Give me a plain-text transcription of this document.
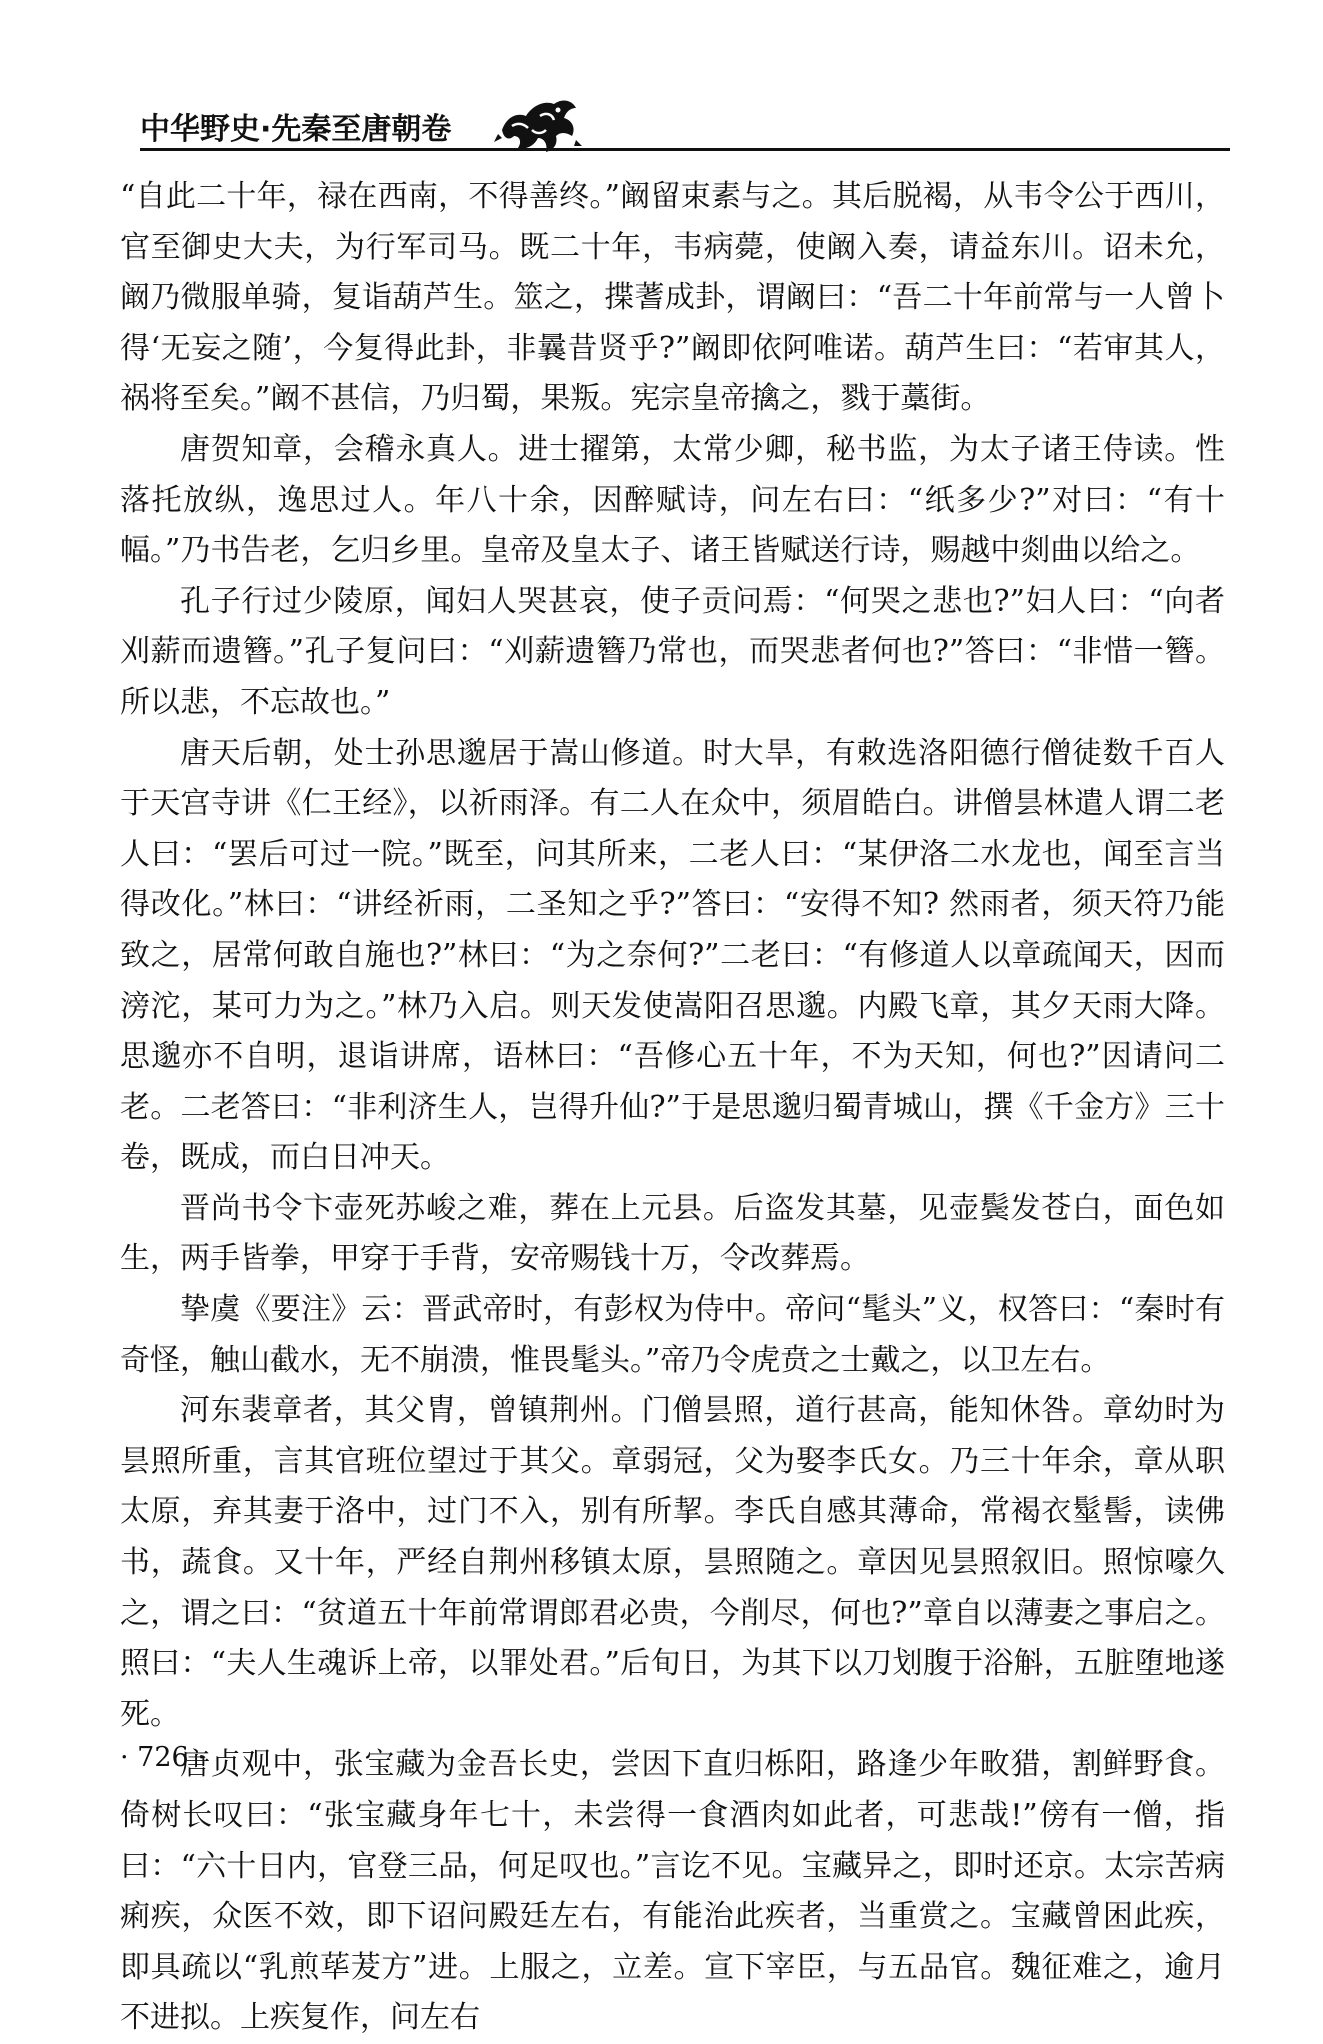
中华野史·先秦至唐朝卷

“自此二十年，禄在西南，不得善终。”阚留束素与之。其后脱褐，从韦令公于西川，官至御史大夫，为行军司马。既二十年，韦病薨，使阚入奏，请益东川。诏未允，阚乃微服单骑，复诣葫芦生。筮之，揲蓍成卦，谓阚曰：“吾二十年前常与一人曾卜得‘无妄之随’，今复得此卦，非曩昔贤乎?”阚即依阿唯诺。葫芦生曰：“若审其人，祸将至矣。”阚不甚信，乃归蜀，果叛。宪宗皇帝擒之，戮于藁街。

唐贺知章，会稽永真人。进士擢第，太常少卿，秘书监，为太子诸王侍读。性落托放纵，逸思过人。年八十余，因醉赋诗，问左右曰：“纸多少?”对曰：“有十幅。”乃书告老，乞归乡里。皇帝及皇太子、诸王皆赋送行诗，赐越中剡曲以给之。

孔子行过少陵原，闻妇人哭甚哀，使子贡问焉：“何哭之悲也?”妇人曰：“向者刈薪而遗簪。”孔子复问曰：“刈薪遗簪乃常也，而哭悲者何也?”答曰：“非惜一簪。所以悲，不忘故也。”

唐天后朝，处士孙思邈居于嵩山修道。时大旱，有敕选洛阳德行僧徒数千百人于天宫寺讲《仁王经》，以祈雨泽。有二人在众中，须眉皓白。讲僧昙林遣人谓二老人曰：“罢后可过一院。”既至，问其所来，二老人曰：“某伊洛二水龙也，闻至言当得改化。”林曰：“讲经祈雨，二圣知之乎?”答曰：“安得不知? 然雨者，须天符乃能致之，居常何敢自施也?”林曰：“为之奈何?”二老曰：“有修道人以章疏闻天，因而滂沱，某可力为之。”林乃入启。则天发使嵩阳召思邈。内殿飞章，其夕天雨大降。思邈亦不自明，退诣讲席，语林曰：“吾修心五十年，不为天知，何也?”因请问二老。二老答曰：“非利济生人，岂得升仙?”于是思邈归蜀青城山，撰《千金方》三十卷，既成，而白日冲天。

晋尚书令卞壶死苏峻之难，葬在上元县。后盗发其墓，见壶鬓发苍白，面色如生，两手皆拳，甲穿于手背，安帝赐钱十万，令改葬焉。

挚虞《要注》云：晋武帝时，有彭权为侍中。帝问“髦头”义，权答曰：“秦时有奇怪，触山截水，无不崩溃，惟畏髦头。”帝乃令虎贲之士戴之，以卫左右。

河东裴章者，其父胄，曾镇荆州。门僧昙照，道行甚高，能知休咎。章幼时为昙照所重，言其官班位望过于其父。章弱冠，父为娶李氏女。乃三十年余，章从职太原，弃其妻于洛中，过门不入，别有所挈。李氏自感其薄命，常褐衣髽髻，读佛书，蔬食。又十年，严经自荆州移镇太原，昙照随之。章因见昙照叙旧。照惊嚎久之，谓之曰：“贫道五十年前常谓郎君必贵，今削尽，何也?”章自以薄妻之事启之。照曰：“夫人生魂诉上帝，以罪处君。”后旬日，为其下以刀划腹于浴斛，五脏堕地遂死。

唐贞观中，张宝藏为金吾长史，尝因下直归栎阳，路逢少年畋猎，割鲜野食。倚树长叹曰：“张宝藏身年七十，未尝得一食酒肉如此者，可悲哉!”傍有一僧，指曰：“六十日内，官登三品，何足叹也。”言讫不见。宝藏异之，即时还京。太宗苦病痢疾，众医不效，即下诏问殿廷左右，有能治此疾者，当重赏之。宝藏曾困此疾，即具疏以“乳煎荜茇方”进。上服之，立差。宣下宰臣，与五品官。魏征难之，逾月不进拟。上疾复作，问左右

· 726 ·
